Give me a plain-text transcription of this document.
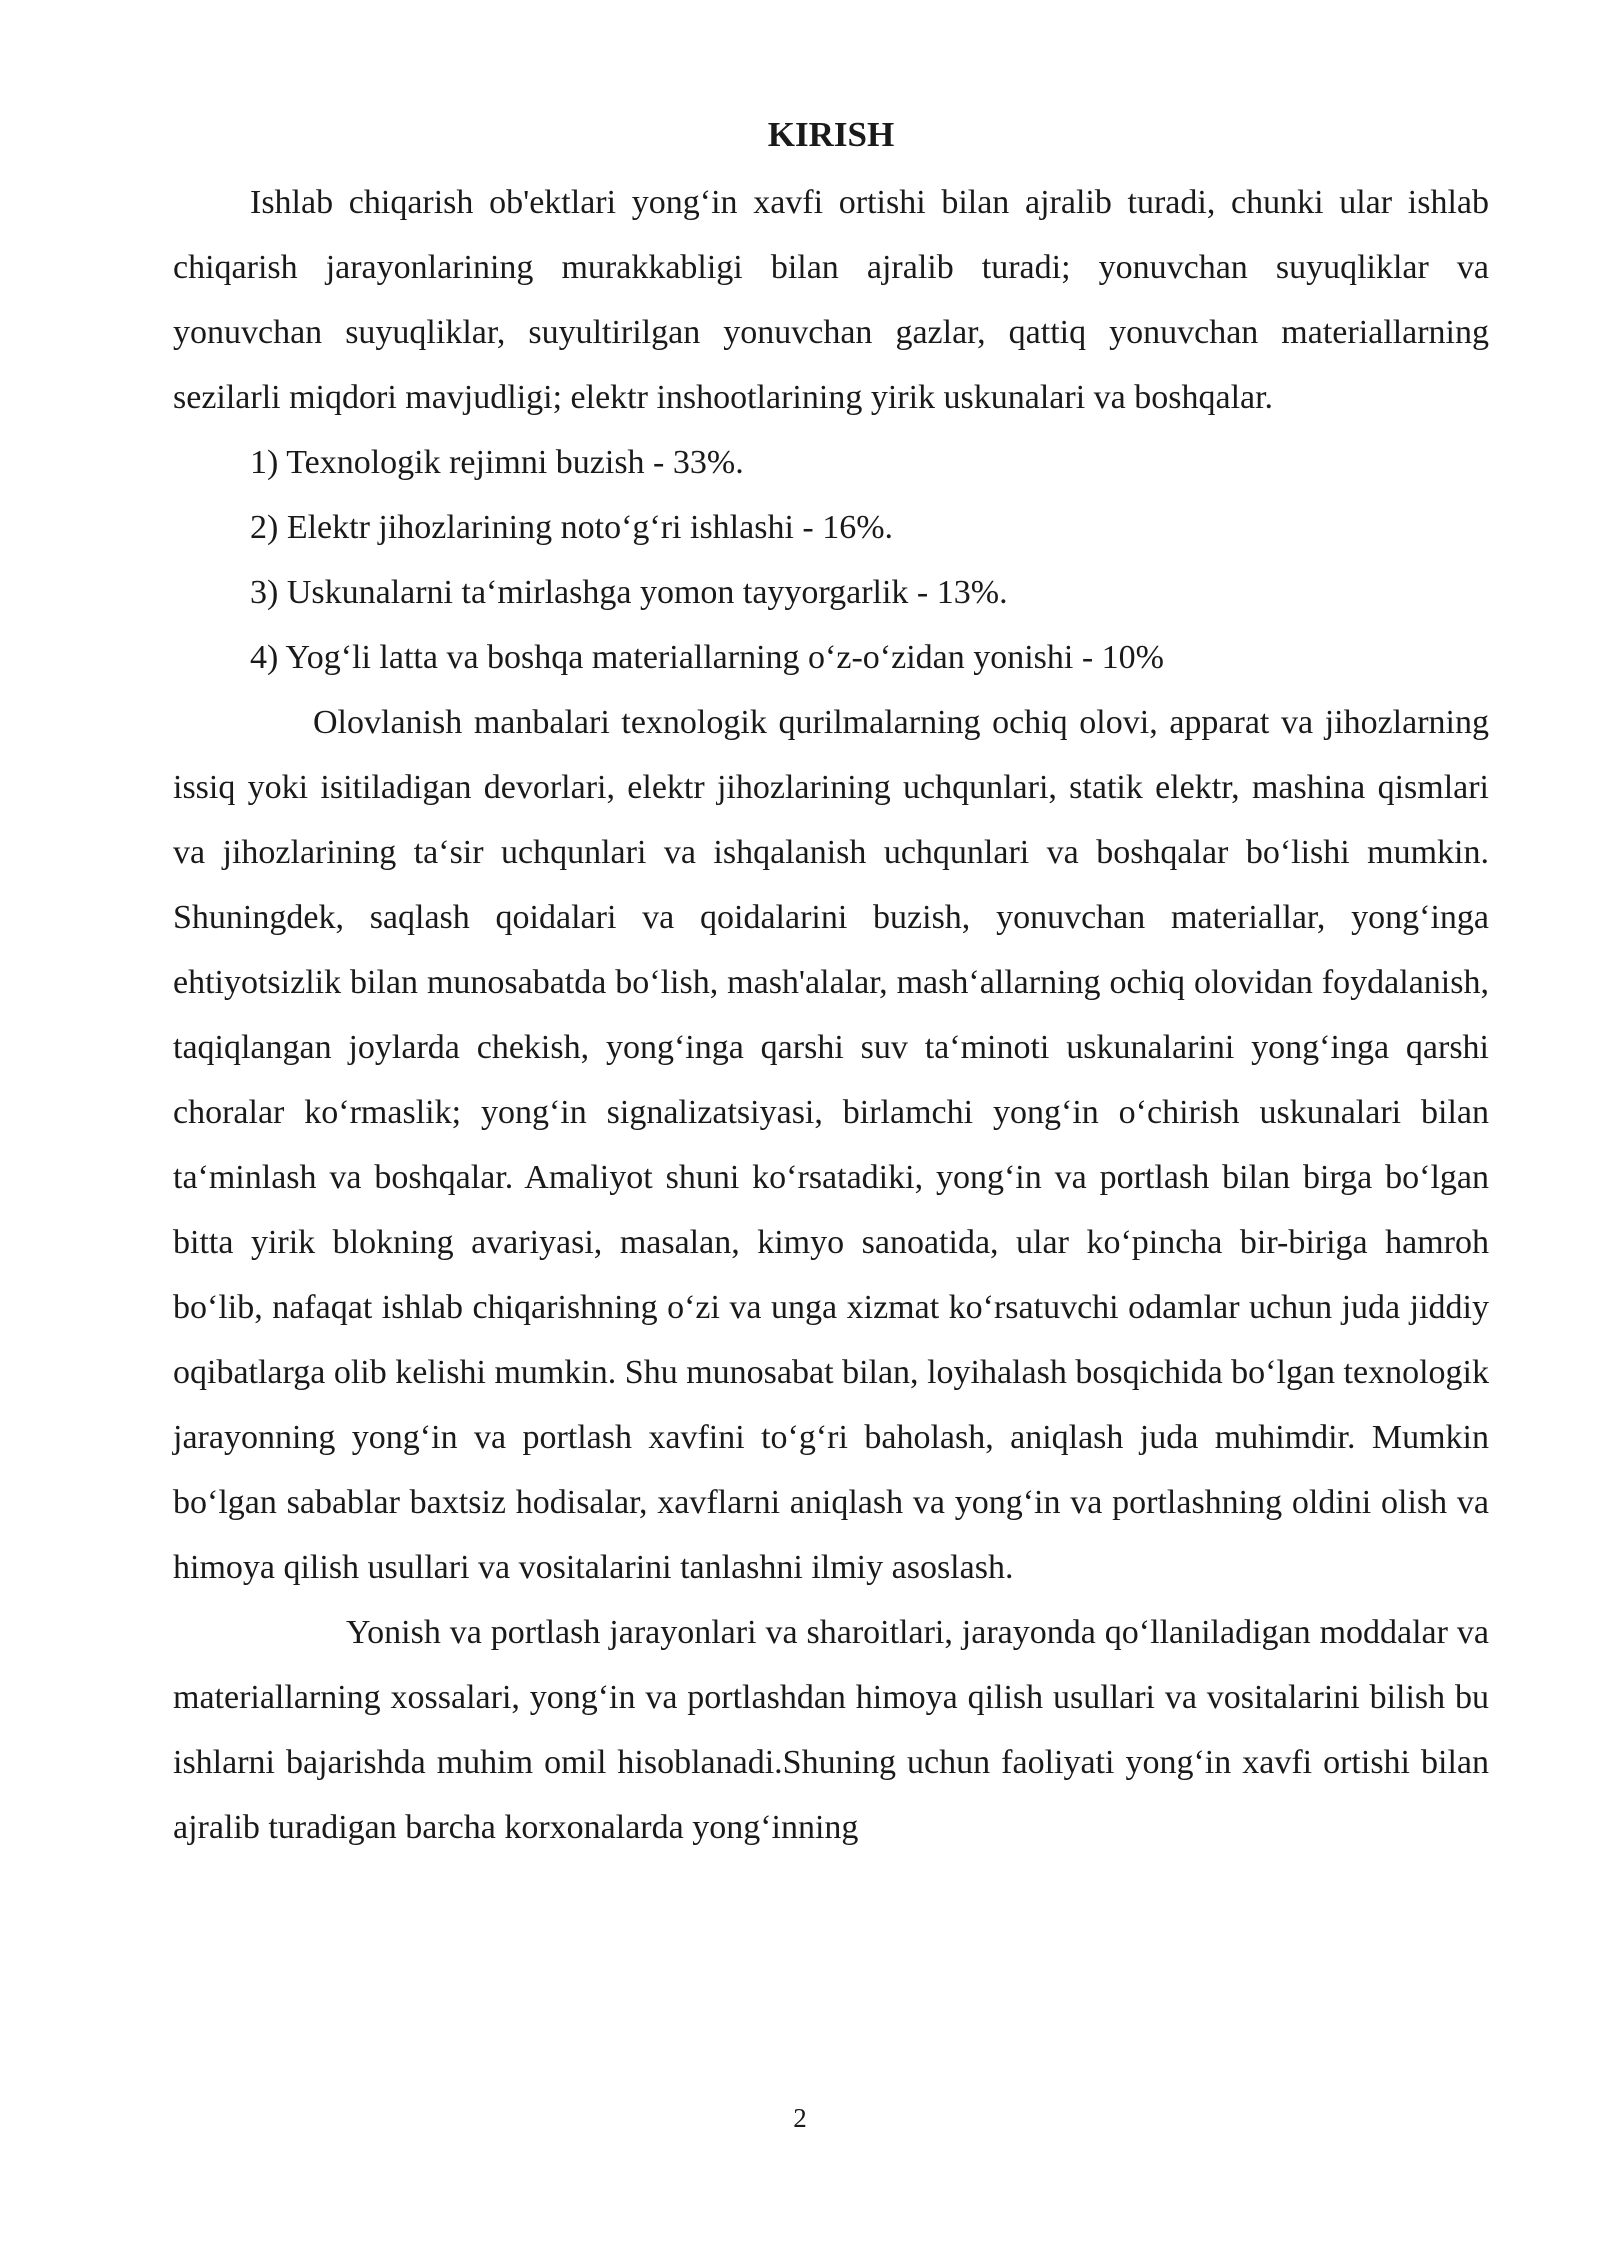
KIRISH

Ishlab chiqarish ob'ektlari yong‘in xavfi ortishi bilan ajralib turadi, chunki ular ishlab chiqarish jarayonlarining murakkabligi bilan ajralib turadi; yonuvchan suyuqliklar va yonuvchan suyuqliklar, suyultirilgan yonuvchan gazlar, qattiq yonuvchan materiallarning sezilarli miqdori mavjudligi; elektr inshootlarining yirik uskunalari va boshqalar.

1) Texnologik rejimni buzish - 33%.

2) Elektr jihozlarining noto‘g‘ri ishlashi - 16%.

3) Uskunalarni ta‘mirlashga yomon tayyorgarlik - 13%.

4) Yog‘li latta va boshqa materiallarning o‘z-o‘zidan yonishi - 10%

Olovlanish manbalari texnologik qurilmalarning ochiq olovi, apparat va jihozlarning issiq yoki isitiladigan devorlari, elektr jihozlarining uchqunlari, statik elektr, mashina qismlari va jihozlarining ta‘sir uchqunlari va ishqalanish uchqunlari va boshqalar bo‘lishi mumkin. Shuningdek, saqlash qoidalari va qoidalarini buzish, yonuvchan materiallar, yong‘inga ehtiyotsizlik bilan munosabatda bo‘lish, mash'alalar, mash‘allarning ochiq olovidan foydalanish, taqiqlangan joylarda chekish, yong‘inga qarshi suv ta‘minoti uskunalarini yong‘inga qarshi choralar ko‘rmaslik; yong‘in signalizatsiyasi, birlamchi yong‘in o‘chirish uskunalari bilan ta‘minlash va boshqalar. Amaliyot shuni ko‘rsatadiki, yong‘in va portlash bilan birga bo‘lgan bitta yirik blokning avariyasi, masalan, kimyo sanoatida, ular ko‘pincha bir-biriga hamroh bo‘lib, nafaqat ishlab chiqarishning o‘zi va unga xizmat ko‘rsatuvchi odamlar uchun juda jiddiy oqibatlarga olib kelishi mumkin. Shu munosabat bilan, loyihalash bosqichida bo‘lgan texnologik jarayonning yong‘in va portlash xavfini to‘g‘ri baholash, aniqlash juda muhimdir. Mumkin bo‘lgan sabablar baxtsiz hodisalar, xavflarni aniqlash va yong‘in va portlashning oldini olish va himoya qilish usullari va vositalarini tanlashni ilmiy asoslash.

Yonish va portlash jarayonlari va sharoitlari, jarayonda qo‘llaniladigan moddalar va materiallarning xossalari, yong‘in va portlashdan himoya qilish usullari va vositalarini bilish bu ishlarni bajarishda muhim omil hisoblanadi.Shuning uchun faoliyati yong‘in xavfi ortishi bilan ajralib turadigan barcha korxonalarda yong‘inning

2
